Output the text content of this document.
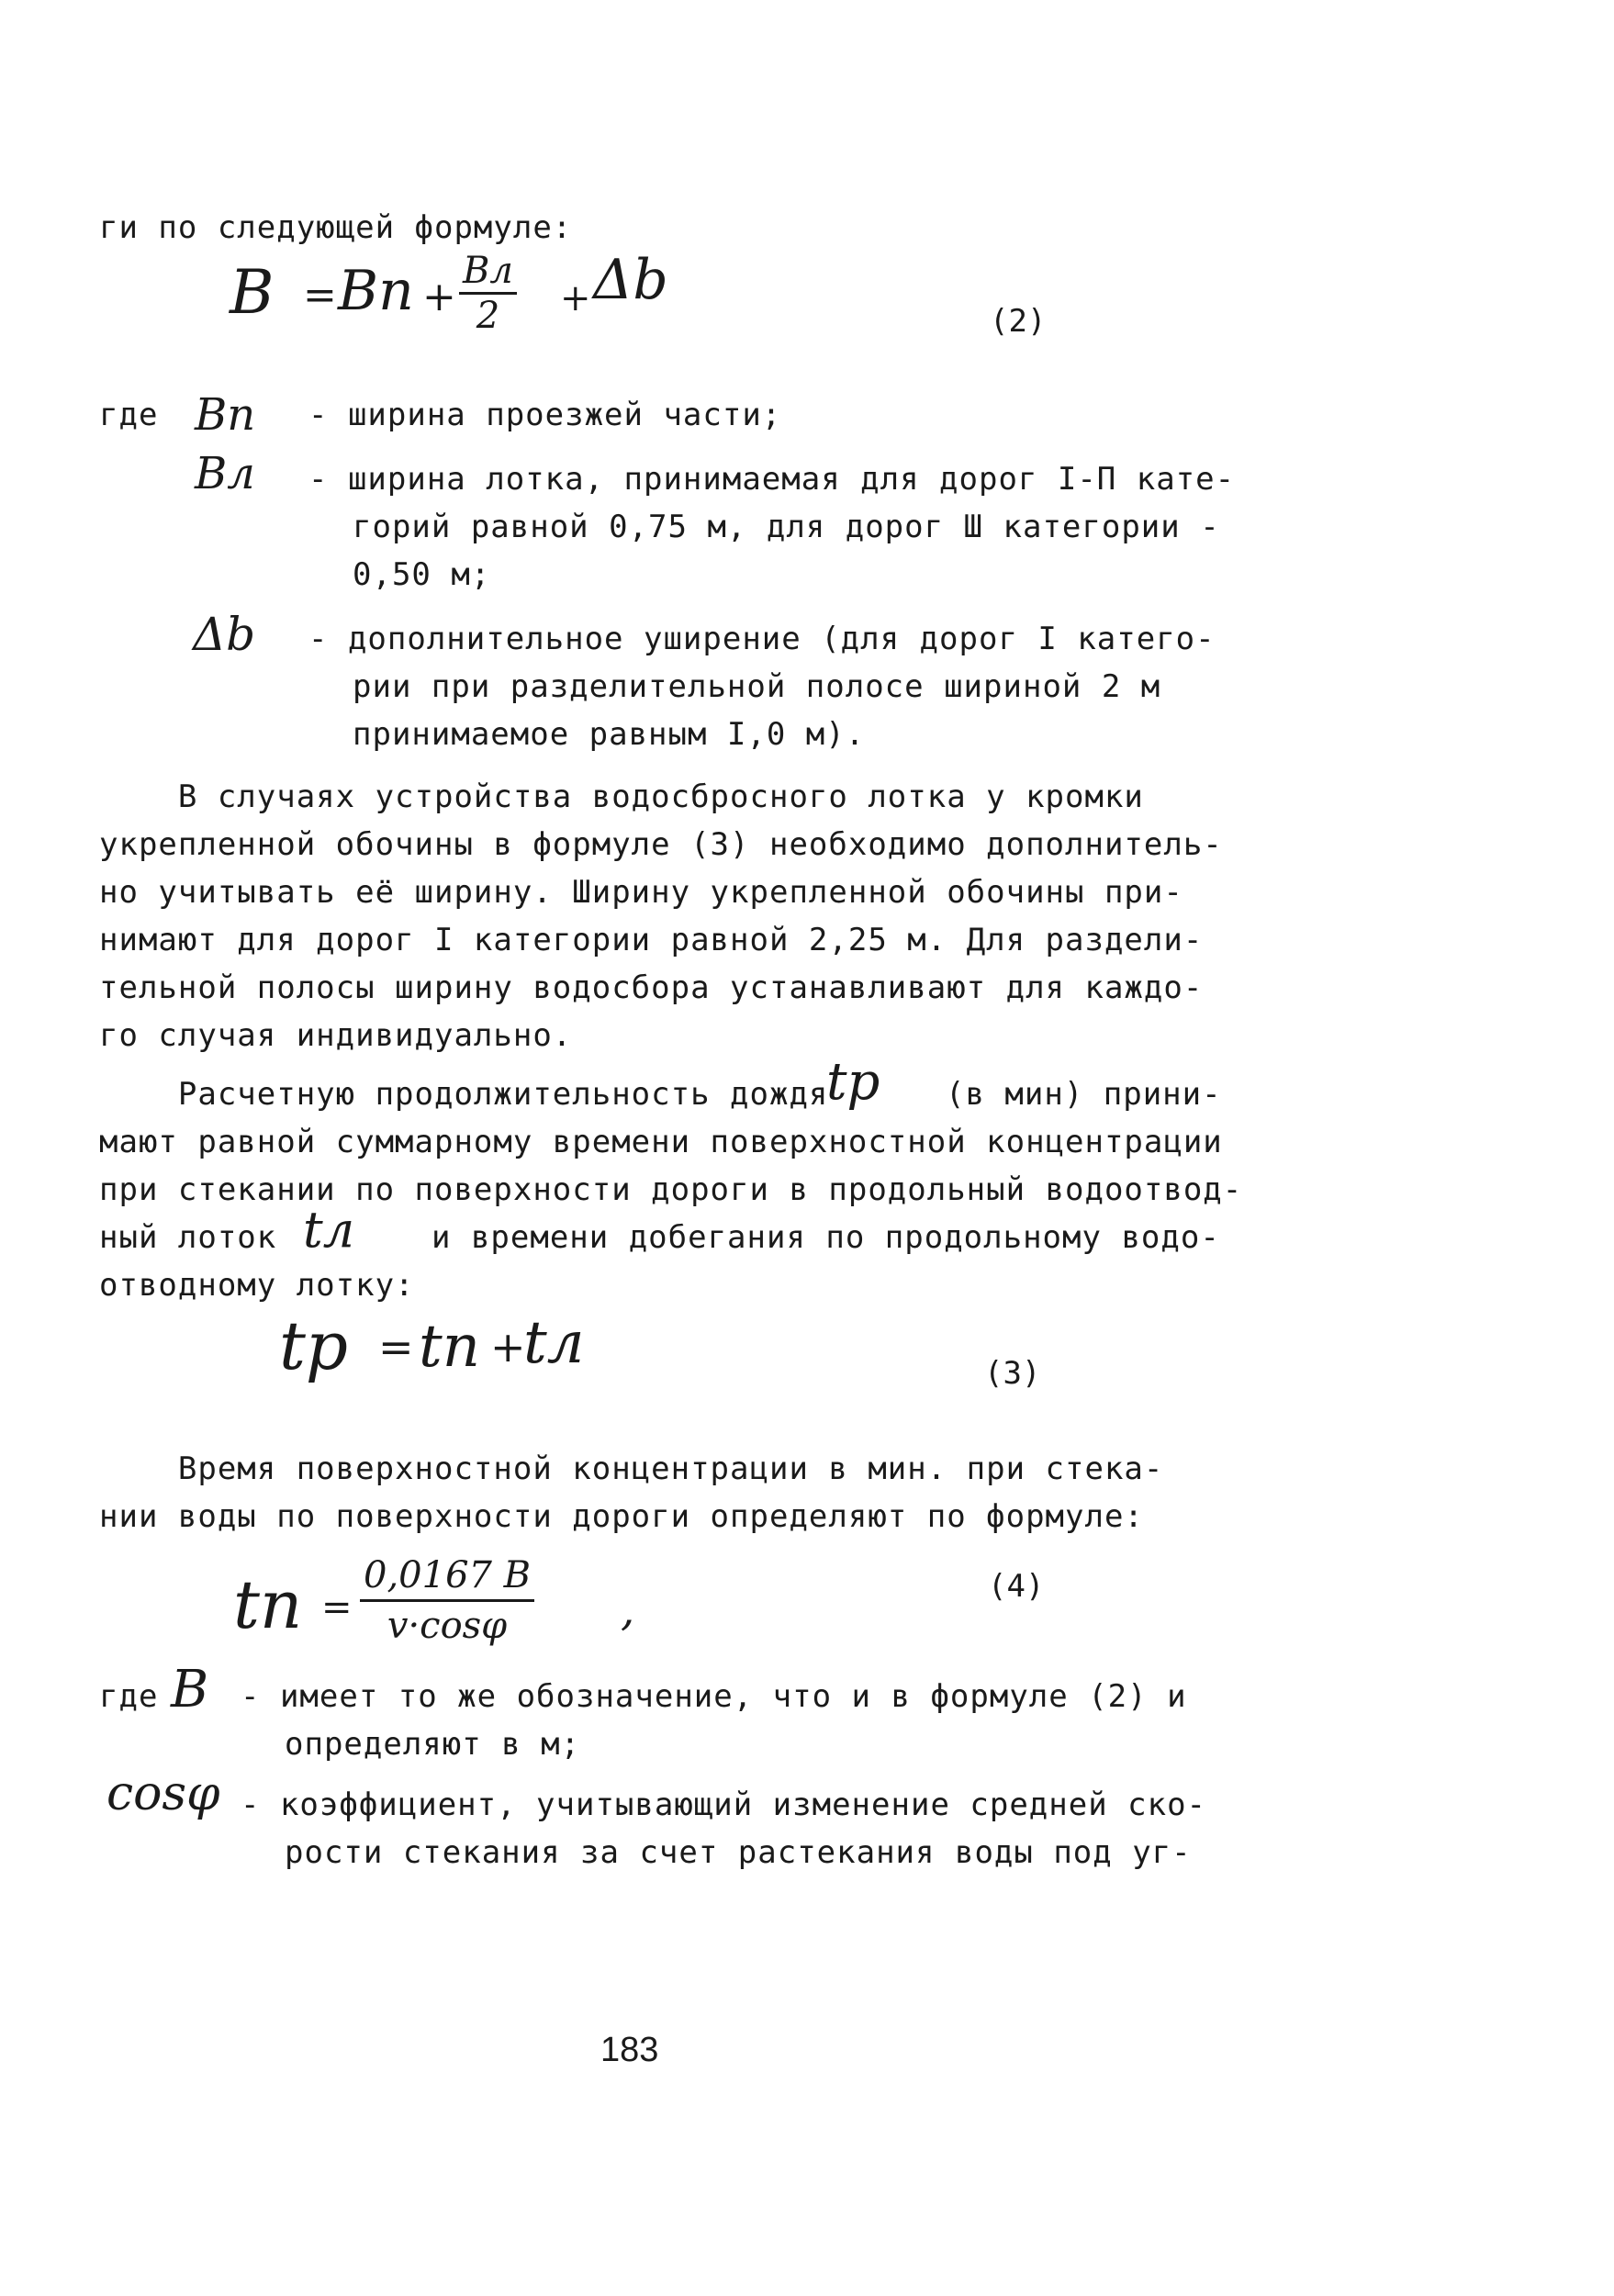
ги по следующей формуле:
B = Bп +
Bл
2	+ Δb
(2)
где Bп - ширина проезжей части;
Bл - ширина лотка, принимаемая для дорог I-П кате-
горий равной 0,75 м, для дорог Ш категории -
0,50 м;
Δb - дополнительное уширение (для дорог I катего-
рии при разделительной полосе шириной 2 м
принимаемое равным I,0 м).
В случаях устройства водосбросного лотка у кромки
укрепленной обочины в формуле (3) необходимо дополнитель-
но учитывать её ширину. Ширину укрепленной обочины при-
нимают для дорог I категории равной 2,25 м. Для раздели-
тельной полосы ширину водосбора устанавливают для каждо-
го случая индивидуально.
Расчетную продолжительность дождя
tp (в мин) прини-
мают равной суммарному времени поверхностной концентрации
при стекании по поверхности дороги в продольный водоотвод-
ный лоток tл и времени добегания по продольному водо-
отводному лотку:
tp = tп +
tл	(3)
Время поверхностной концентрации в мин. при стека-
нии воды по поверхности дороги определяют по формуле:
tп = $\frac{0,0167 B}{v\cdot\cos\varphi}$ ,	(4)
где B - имеет то же обозначение, что и в формуле (2) и
определяют в м;
cosφ - коэффициент, учитывающий изменение средней ско-
рости стекания за счет растекания воды под уг-
183
